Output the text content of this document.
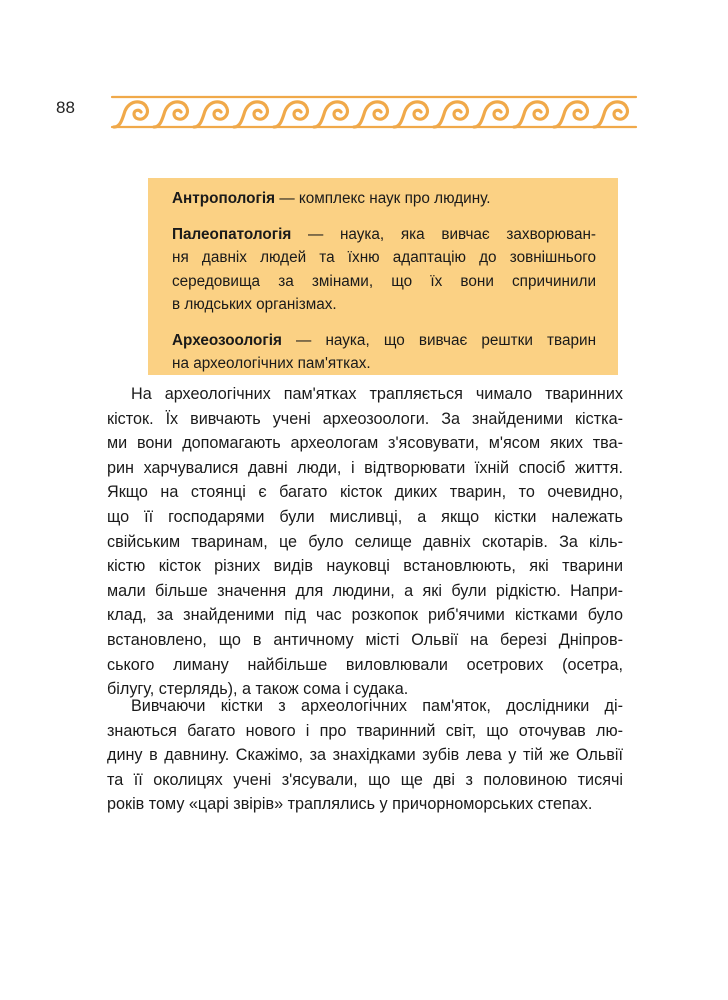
88

Антропологія — комплекс наук про людину.

Палеопатологія — наука, яка вивчає захворюван-
ня давніх людей та їхню адаптацію до зовнішнього
середовища за змінами, що їх вони спричинили
в людських організмах.

Археозоологія — наука, що вивчає рештки тварин
на археологічних пам'ятках.

На археологічних пам'ятках трапляється чимало тваринних
кісток. Їх вивчають учені археозоологи. За знайденими кістка-
ми вони допомагають археологам з'ясовувати, м'ясом яких тва-
рин харчувалися давні люди, і відтворювати їхній спосіб життя.
Якщо на стоянці є багато кісток диких тварин, то очевидно,
що її господарями були мисливці, а якщо кістки належать
свійським тваринам, це було селище давніх скотарів. За кіль-
кістю кісток різних видів науковці встановлюють, які тварини
мали більше значення для людини, а які були рідкістю. Напри-
клад, за знайденими під час розкопок риб'ячими кістками було
встановлено, що в античному місті Ольвії на березі Дніпров-
ського лиману найбільше виловлювали осетрових (осетра,
білугу, стерлядь), а також сома і судака.
Вивчаючи кістки з археологічних пам'яток, дослідники ді-
знаються багато нового і про тваринний світ, що оточував лю-
дину в давнину. Скажімо, за знахідками зубів лева у тій же Ольвії
та її околицях учені з'ясували, що ще дві з половиною тисячі
років тому «царі звірів» траплялись у причорноморських степах.
